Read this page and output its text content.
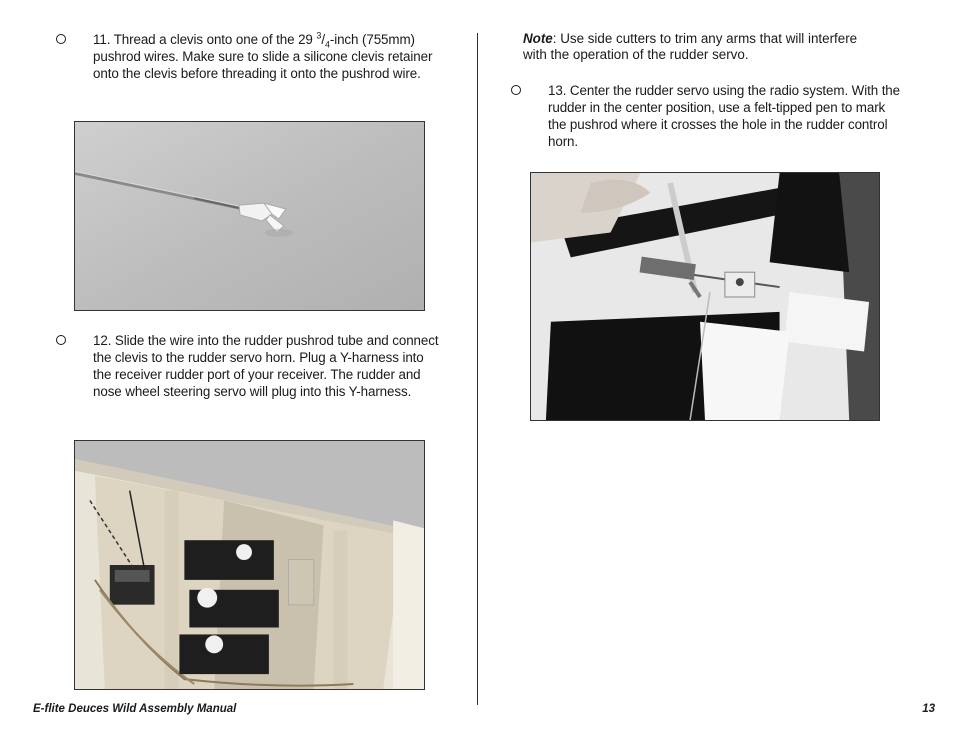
11. Thread a clevis onto one of the 29 $^3/_4$-inch (755mm) pushrod wires. Make sure to slide a silicone clevis retainer onto the clevis before threading it onto the pushrod wire.

12. Slide the wire into the rudder pushrod tube and connect the clevis to the rudder servo horn. Plug a Y-harness into the receiver rudder port of your receiver. The rudder and nose wheel steering servo will plug into this Y-harness.

Note: Use side cutters to trim any arms that will interfere with the operation of the rudder servo.

13. Center the rudder servo using the radio system. With the rudder in the center position, use a felt-tipped pen to mark the pushrod where it crosses the hole in the rudder control horn.

E-flite Deuces Wild Assembly Manual	13
